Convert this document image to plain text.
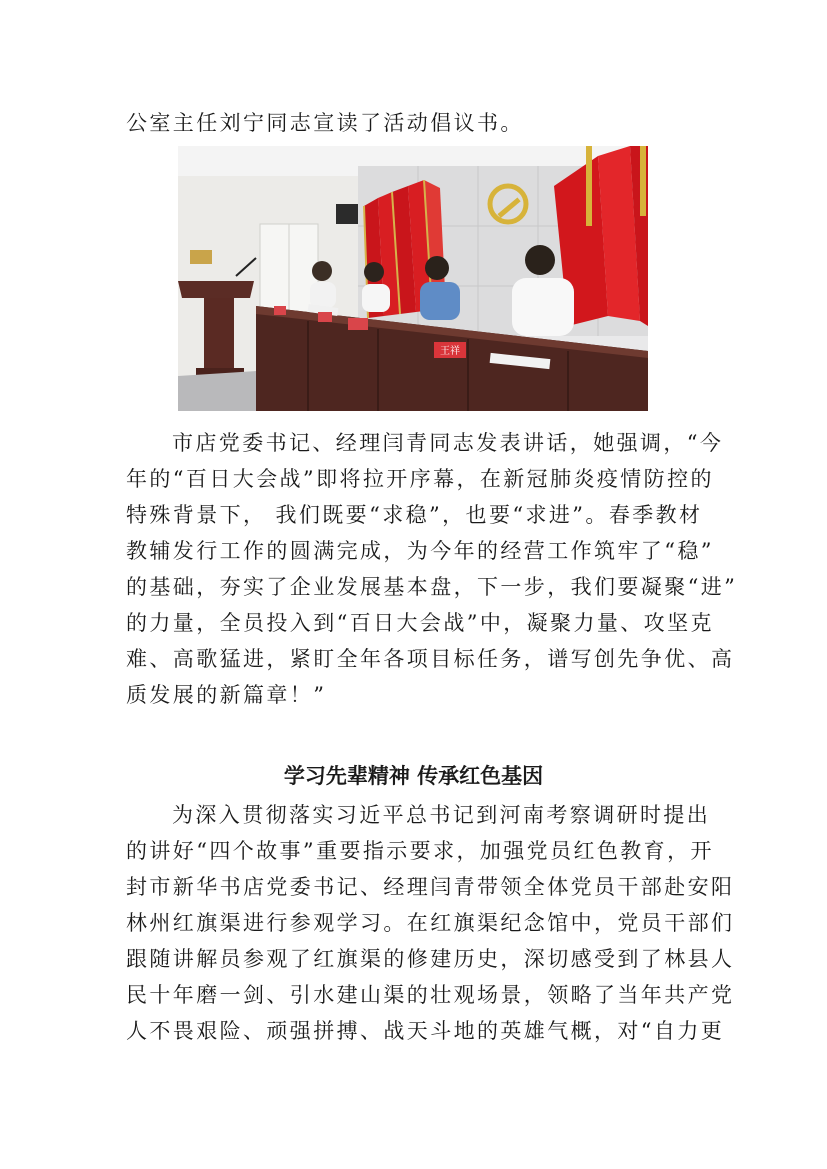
公室主任刘宁同志宣读了活动倡议书。
王祥
市店党委书记、经理闫青同志发表讲话，她强调，“今
年的“百日大会战”即将拉开序幕，在新冠肺炎疫情防控的
特殊背景下， 我们既要“求稳”，也要“求进”。春季教材
教辅发行工作的圆满完成，为今年的经营工作筑牢了“稳”
的基础，夯实了企业发展基本盘，下一步，我们要凝聚“进”
的力量，全员投入到“百日大会战”中，凝聚力量、攻坚克
难、高歌猛进，紧盯全年各项目标任务，谱写创先争优、高
质发展的新篇章！”
学习先辈精神 传承红色基因
为深入贯彻落实习近平总书记到河南考察调研时提出
的讲好“四个故事”重要指示要求，加强党员红色教育，开
封市新华书店党委书记、经理闫青带领全体党员干部赴安阳
林州红旗渠进行参观学习。在红旗渠纪念馆中，党员干部们
跟随讲解员参观了红旗渠的修建历史，深切感受到了林县人
民十年磨一剑、引水建山渠的壮观场景，领略了当年共产党
人不畏艰险、顽强拼搏、战天斗地的英雄气概，对“自力更
